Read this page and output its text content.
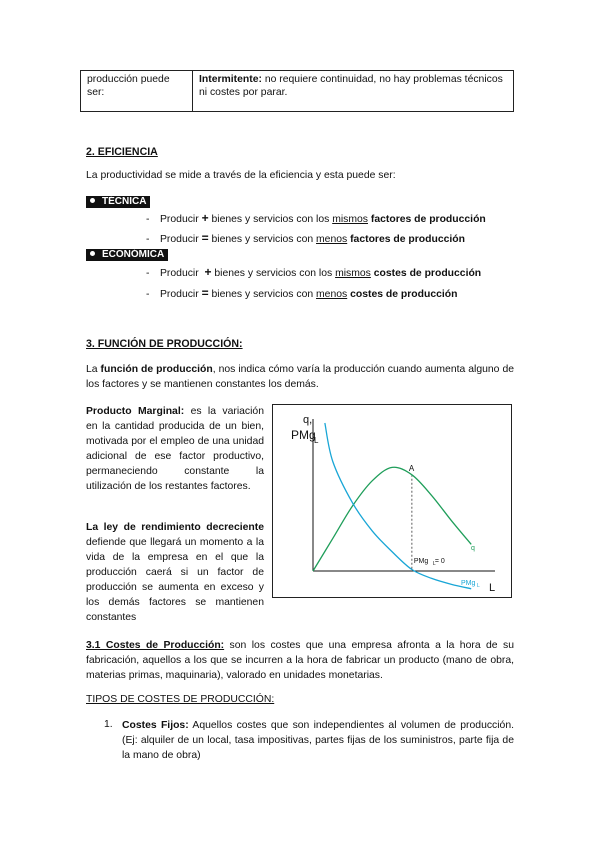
producción puede ser:
Intermitente: no requiere continuidad, no hay problemas técnicos ni costes por parar.
2. EFICIENCIA
La productividad se mide a través de la eficiencia y esta puede ser:
TÉCNICA
- Producir + bienes y servicios con los mismos factores de producción
- Producir = bienes y servicios con menos factores de producción
ECONÓMICA
- Producir  + bienes y servicios con los mismos costes de producción
- Producir = bienes y servicios con menos costes de producción
3. FUNCIÓN DE PRODUCCIÓN:
La función de producción, nos indica cómo varía la producción cuando aumenta alguno de los factores y se mantienen constantes los demás.
Producto Marginal: es la variación en la cantidad producida de un bien, motivada por el empleo de una unidad adicional de ese factor productivo, permaneciendo constante la utilización de los restantes factores.
La ley de rendimiento decreciente defiende que llegará un momento a la vida de la empresa en el que la producción caerá si un factor de producción se aumenta en exceso y los demás factores se mantienen constantes
q,
PMg
L
L
A
PMg L = 0
q
PMg L
3.1 Costes de Producción: son los costes que una empresa afronta a la hora de su fabricación, aquellos a los que se incurren a la hora de fabricar un producto (mano de obra, materias primas, maquinaria), valorado en unidades monetarias.
TIPOS DE COSTES DE PRODUCCIÓN:
1. Costes Fijos: Aquellos costes que son independientes al volumen de producción. (Ej: alquiler de un local, tasa impositivas, partes fijas de los suministros, parte fija de la mano de obra)
